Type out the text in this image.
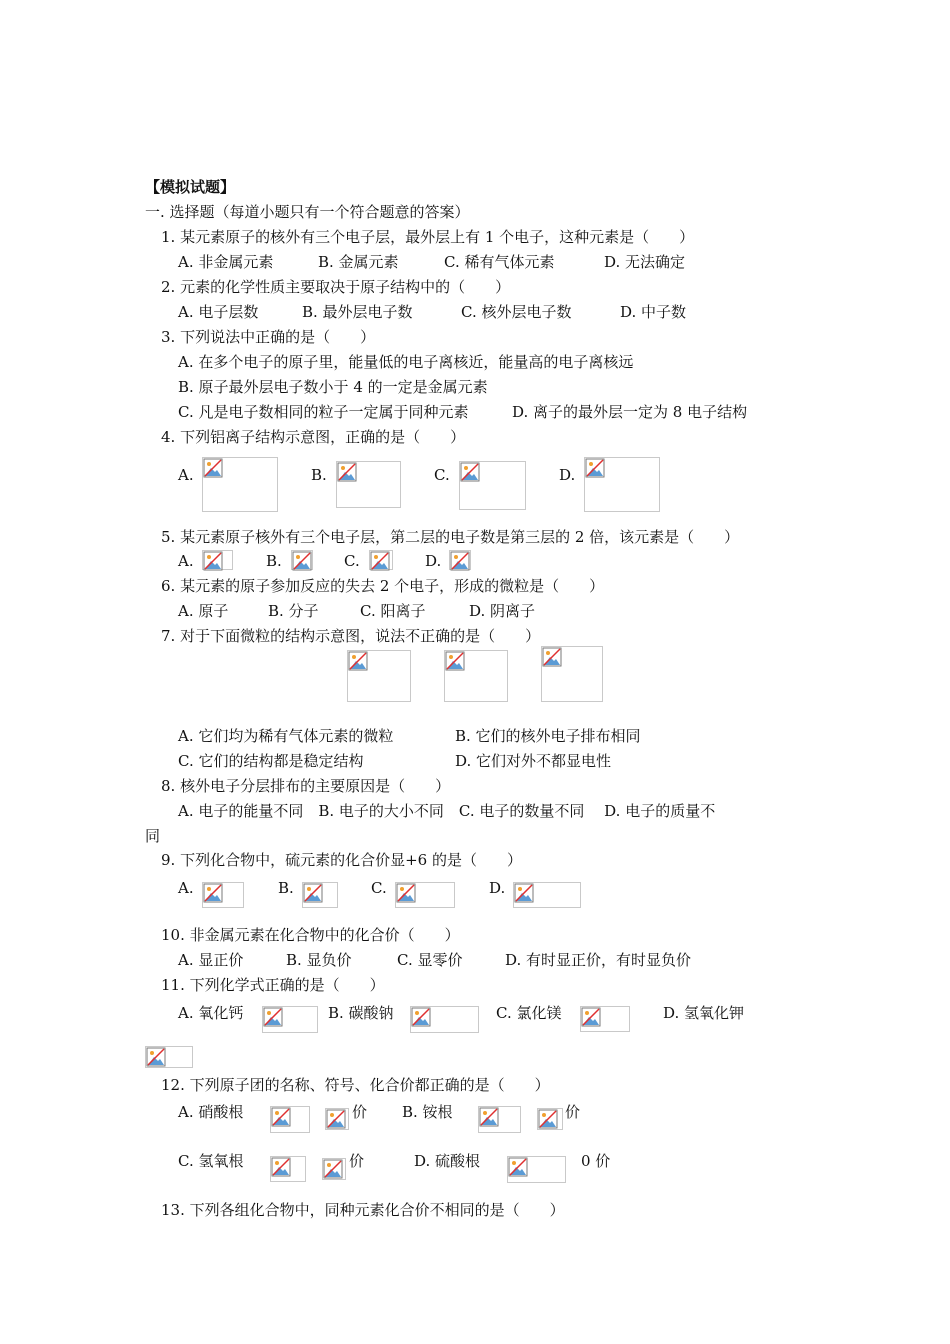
【模拟试题】
一. 选择题（每道小题只有一个符合题意的答案）
1. 某元素原子的核外有三个电子层，最外层上有 1 个电子，这种元素是（　　）
A. 非金属元素	B. 金属元素	C. 稀有气体元素	D. 无法确定
2. 元素的化学性质主要取决于原子结构中的（　　）
A. 电子层数	B. 最外层电子数	C. 核外层电子数	D. 中子数
3. 下列说法中正确的是（　　）
A. 在多个电子的原子里，能量低的电子离核近，能量高的电子离核远
B. 原子最外层电子数小于 4 的一定是金属元素
C. 凡是电子数相同的粒子一定属于同种元素	D. 离子的最外层一定为 8 电子结构
4. 下列铝离子结构示意图，正确的是（　　）
A.	B.	C.	D.
5. 某元素原子核外有三个电子层，第二层的电子数是第三层的 2 倍，该元素是（　　）
A.	B.	C.	D.
6. 某元素的原子参加反应的失去 2 个电子，形成的微粒是（　　）
A. 原子	B. 分子	C. 阳离子	D. 阴离子
7. 对于下面微粒的结构示意图，说法不正确的是（　　）
A. 它们均为稀有气体元素的微粒	B. 它们的核外电子排布相同
C. 它们的结构都是稳定结构	D. 它们对外不都显电性
8. 核外电子分层排布的主要原因是（　　）
A. 电子的能量不同　B. 电子的大小不同　C. 电子的数量不同　 D. 电子的质量不
同
9. 下列化合物中，硫元素的化合价显+6 的是（　　）
A.	B.	C.	D.
10. 非金属元素在化合物中的化合价（　　）
A. 显正价	B. 显负价	C. 显零价	D. 有时显正价，有时显负价
11. 下列化学式正确的是（　　）
A. 氧化钙	B. 碳酸钠	C. 氯化镁	D. 氢氧化钾
12. 下列原子团的名称、符号、化合价都正确的是（　　）
A. 硝酸根	价 B. 铵根	价
C. 氢氧根	价	D. 硫酸根	0 价
13. 下列各组化合物中，同种元素化合价不相同的是（　　）
